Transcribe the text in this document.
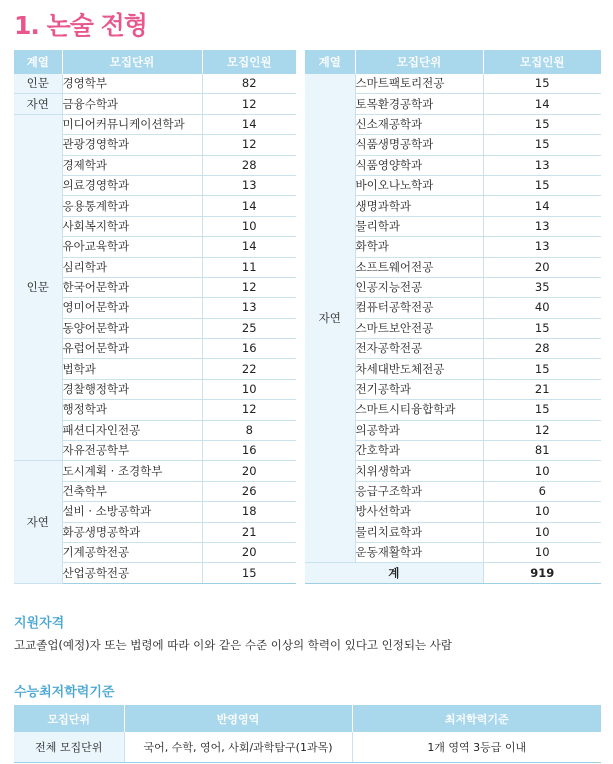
1. 논술 전형
계열	모집단위	모집인원
인문	경영학부	82
자연	금융수학과	12
인문	미디어커뮤니케이션학과	14
	관광경영학과	12
	경제학과	28
	의료경영학과	13
	응용통계학과	14
	사회복지학과	10
	유아교육학과	14
	심리학과	11
	한국어문학과	12
	영미어문학과	13
	동양어문학과	25
	유럽어문학과	16
	법학과	22
	경찰행정학과	10
	행정학과	12
	패션디자인전공	8
	자유전공학부	16
자연	도시계획 · 조경학부	20
	건축학부	26
	설비 · 소방공학과	18
	화공생명공학과	21
	기계공학전공	20
	산업공학전공	15
계열	모집단위	모집인원
자연	스마트팩토리전공	15
	토목환경공학과	14
	신소재공학과	15
	식품생명공학과	15
	식품영양학과	13
	바이오나노학과	15
	생명과학과	14
	물리학과	13
	화학과	13
	소프트웨어전공	20
	인공지능전공	35
	컴퓨터공학전공	40
	스마트보안전공	15
	전자공학전공	28
	차세대반도체전공	15
	전기공학과	21
	스마트시티융합학과	15
	의공학과	12
	간호학과	81
	치위생학과	10
	응급구조학과	6
	방사선학과	10
	물리치료학과	10
	운동재활학과	10
계		919
지원자격
고교졸업(예정)자 또는 법령에 따라 이와 같은 수준 이상의 학력이 있다고 인정되는 사람
수능최저학력기준
모집단위	반영영역	최저학력기준
전체 모집단위	국어, 수학, 영어, 사회/과학탐구(1과목)	1개 영역 3등급 이내
